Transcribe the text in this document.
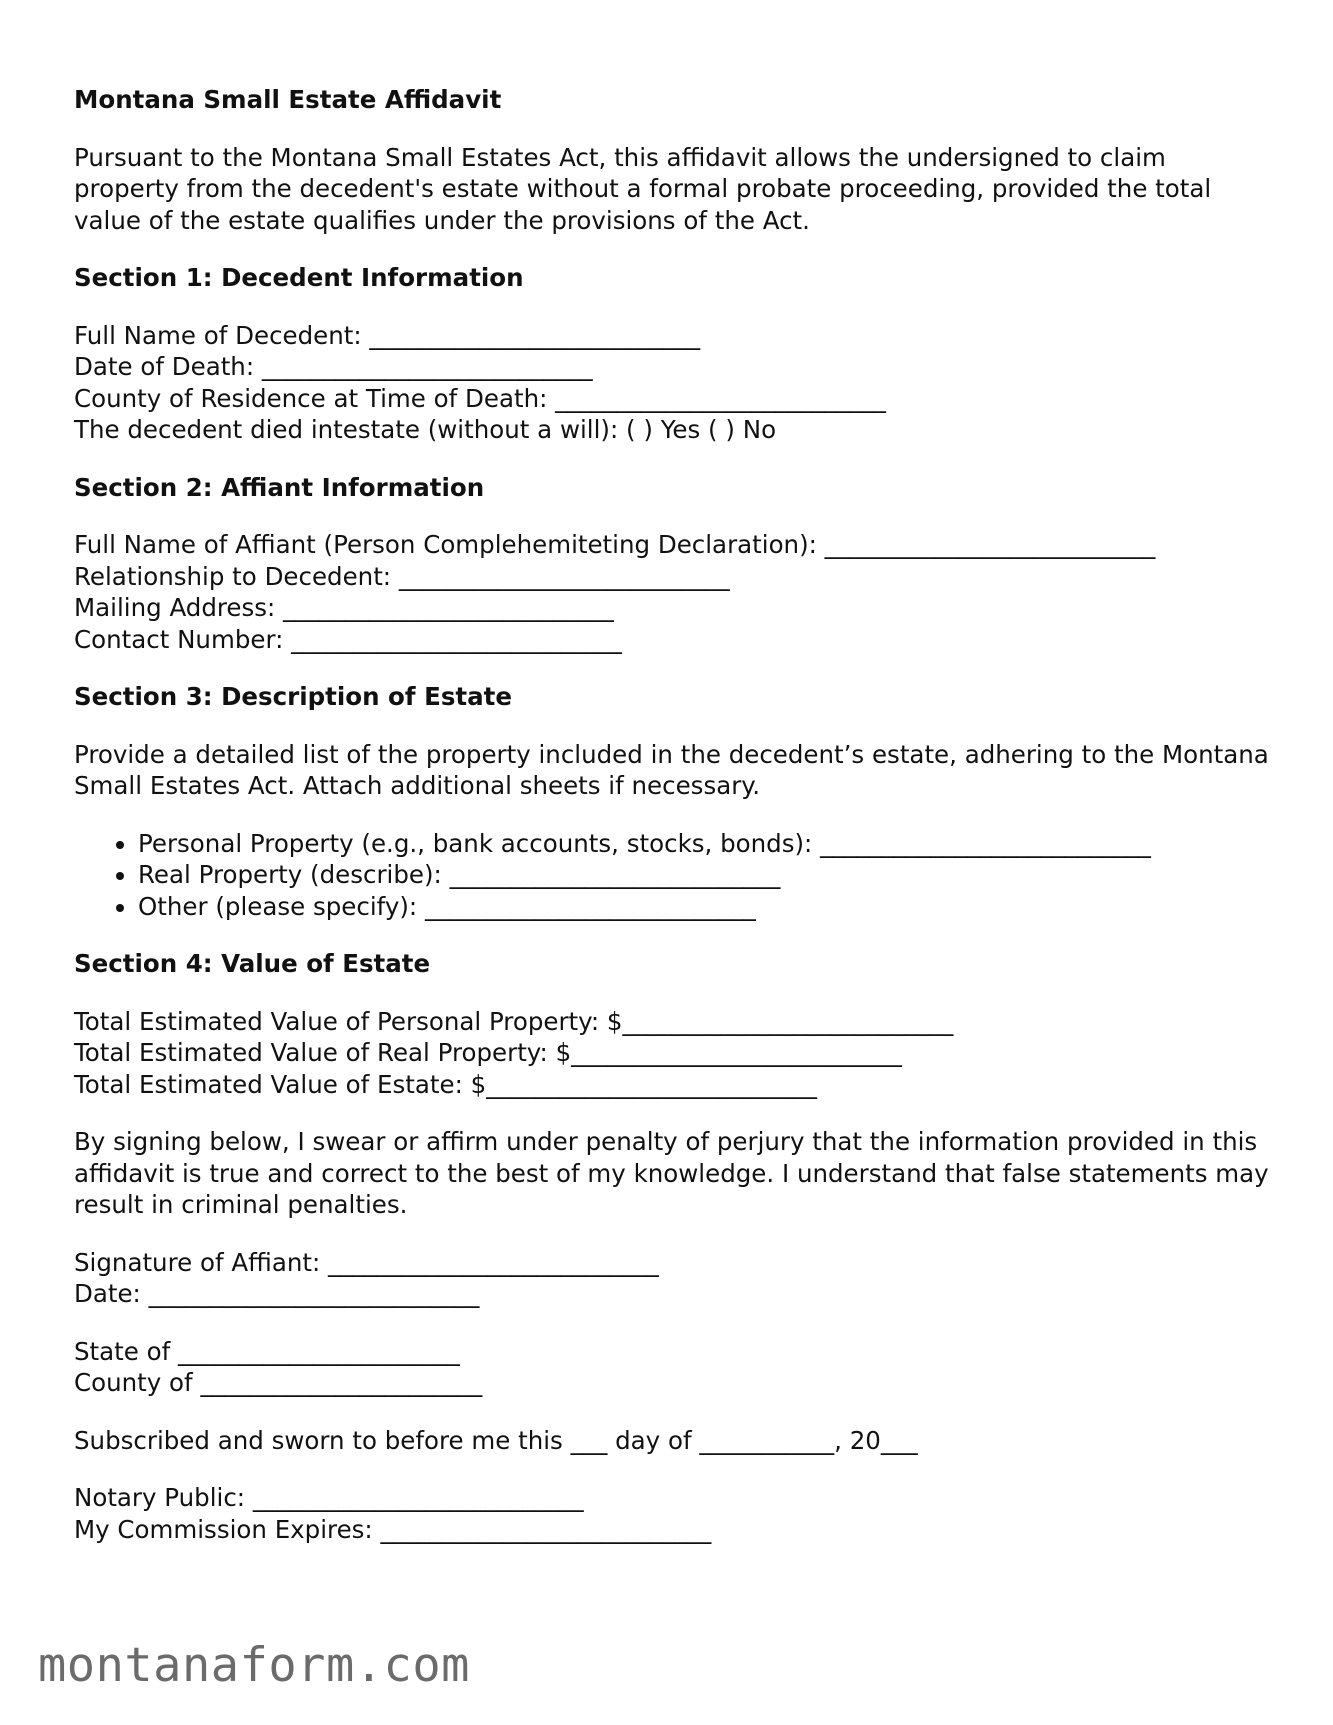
Montana Small Estate Affidavit
Pursuant to the Montana Small Estates Act, this affidavit allows the undersigned to claim property from the decedent's estate without a formal probate proceeding, provided the total value of the estate qualifies under the provisions of the Act.
Section 1: Decedent Information
Full Name of Decedent: ___________________________
Date of Death: ___________________________
County of Residence at Time of Death: ___________________________
The decedent died intestate (without a will): ( ) Yes ( ) No
Section 2: Affiant Information
Full Name of Affiant (Person Complehemiteting Declaration): ___________________________
Relationship to Decedent: ___________________________
Mailing Address: ___________________________
Contact Number: ___________________________
Section 3: Description of Estate
Provide a detailed list of the property included in the decedent’s estate, adhering to the Montana Small Estates Act. Attach additional sheets if necessary.
• Personal Property (e.g., bank accounts, stocks, bonds): ___________________________
• Real Property (describe): ___________________________
• Other (please specify): ___________________________
Section 4: Value of Estate
Total Estimated Value of Personal Property: $___________________________
Total Estimated Value of Real Property: $___________________________
Total Estimated Value of Estate: $___________________________
By signing below, I swear or affirm under penalty of perjury that the information provided in this affidavit is true and correct to the best of my knowledge. I understand that false statements may result in criminal penalties.
Signature of Affiant: ___________________________
Date: ___________________________
State of _______________________
County of _______________________
Subscribed and sworn to before me this ___ day of ___________, 20___
Notary Public: ___________________________
My Commission Expires: ___________________________
montanaform.com
